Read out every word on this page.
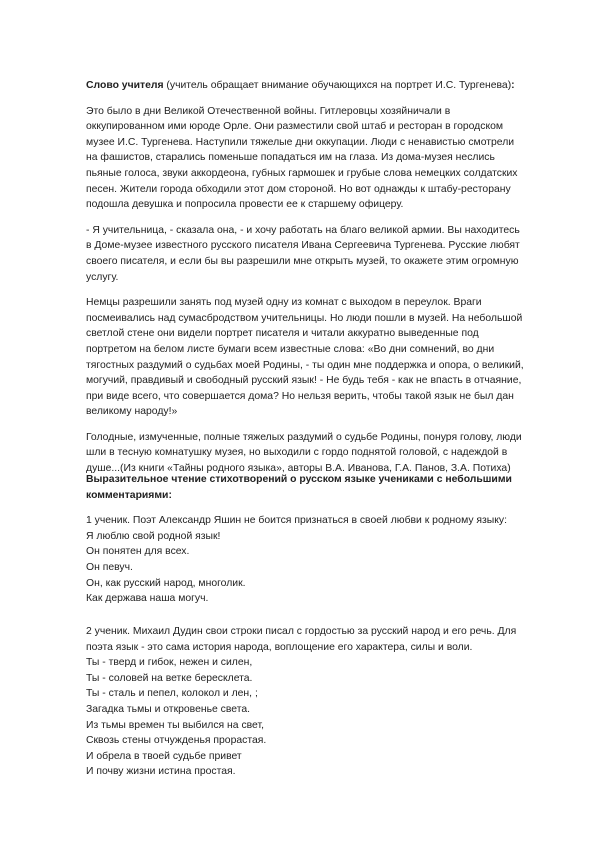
Слово учителя (учитель обращает внимание обучающихся на портрет И.С. Тургенева):

Это было в дни Великой Отечественной войны. Гитлеровцы хозяйничали в оккупированном ими юроде Орле. Они разместили свой штаб и ресторан в городском музее И.С. Тургенева. Наступили тяжелые дни оккупации. Люди с ненавистью смотрели на фашистов, старались поменьше попадаться им на глаза. Из дома-музея неслись пьяные голоса, звуки аккордеона, губных гармошек и грубые слова немецких солдатских песен. Жители города обходили этот дом стороной. Но вот однажды к штабу-ресторану подошла девушка и попросила провести ее к старшему офицеру.

- Я учительница, - сказала она, - и хочу работать на благо великой армии. Вы находитесь в Доме-музее известного русского писателя Ивана Сергеевича Тургенева. Русские любят своего писателя, и если бы вы разрешили мне открыть музей, то окажете этим огромную услугу.

Немцы разрешили занять под музей одну из комнат с выходом в переулок. Враги посмеивались над сумасбродством учительницы. Но люди пошли в музей. На небольшой светлой стене они видели портрет писателя и читали аккуратно выведенные под портретом на белом листе бумаги всем известные слова: «Во дни сомнений, во дни тягостных раздумий о судьбах моей Родины, - ты один мне поддержка и опора, о великий, могучий, правдивый и свободный русский язык! - Не будь тебя - как не впасть в отчаяние, при виде всего, что совершается дома? Но нельзя верить, чтобы такой язык не был дан великому народу!»

Голодные, измученные, полные тяжелых раздумий о судьбе Родины, понуря голову, люди шли в тесную комнатушку музея, но выходили с гордо поднятой головой, с надеждой в душе...(Из книги «Тайны родного языка», авторы В.А. Иванова, Г.А. Панов, З.А. Потиха)

Выразительное чтение стихотворений о русском языке учениками с небольшими комментариями:

1 ученик. Поэт Александр Яшин не боится признаться в своей любви к родному языку:
Я люблю свой родной язык!
Он понятен для всех.
Он певуч.
Он, как русский народ, многолик.
Как держава наша могуч.

2 ученик. Михаил Дудин свои строки писал с гордостью за русский народ и его речь. Для поэта язык - это сама история народа, воплощение его характера, силы и воли.

Ты - тверд и гибок, нежен и силен,
Ты - соловей на ветке бересклета.
Ты - сталь и пепел, колокол и лен, ;
Загадка тьмы и откровенье света.
Из тьмы времен ты выбился на свет,
Сквозь стены отчужденья прорастая.
И обрела в твоей судьбе привет
И почву жизни истина простая.
